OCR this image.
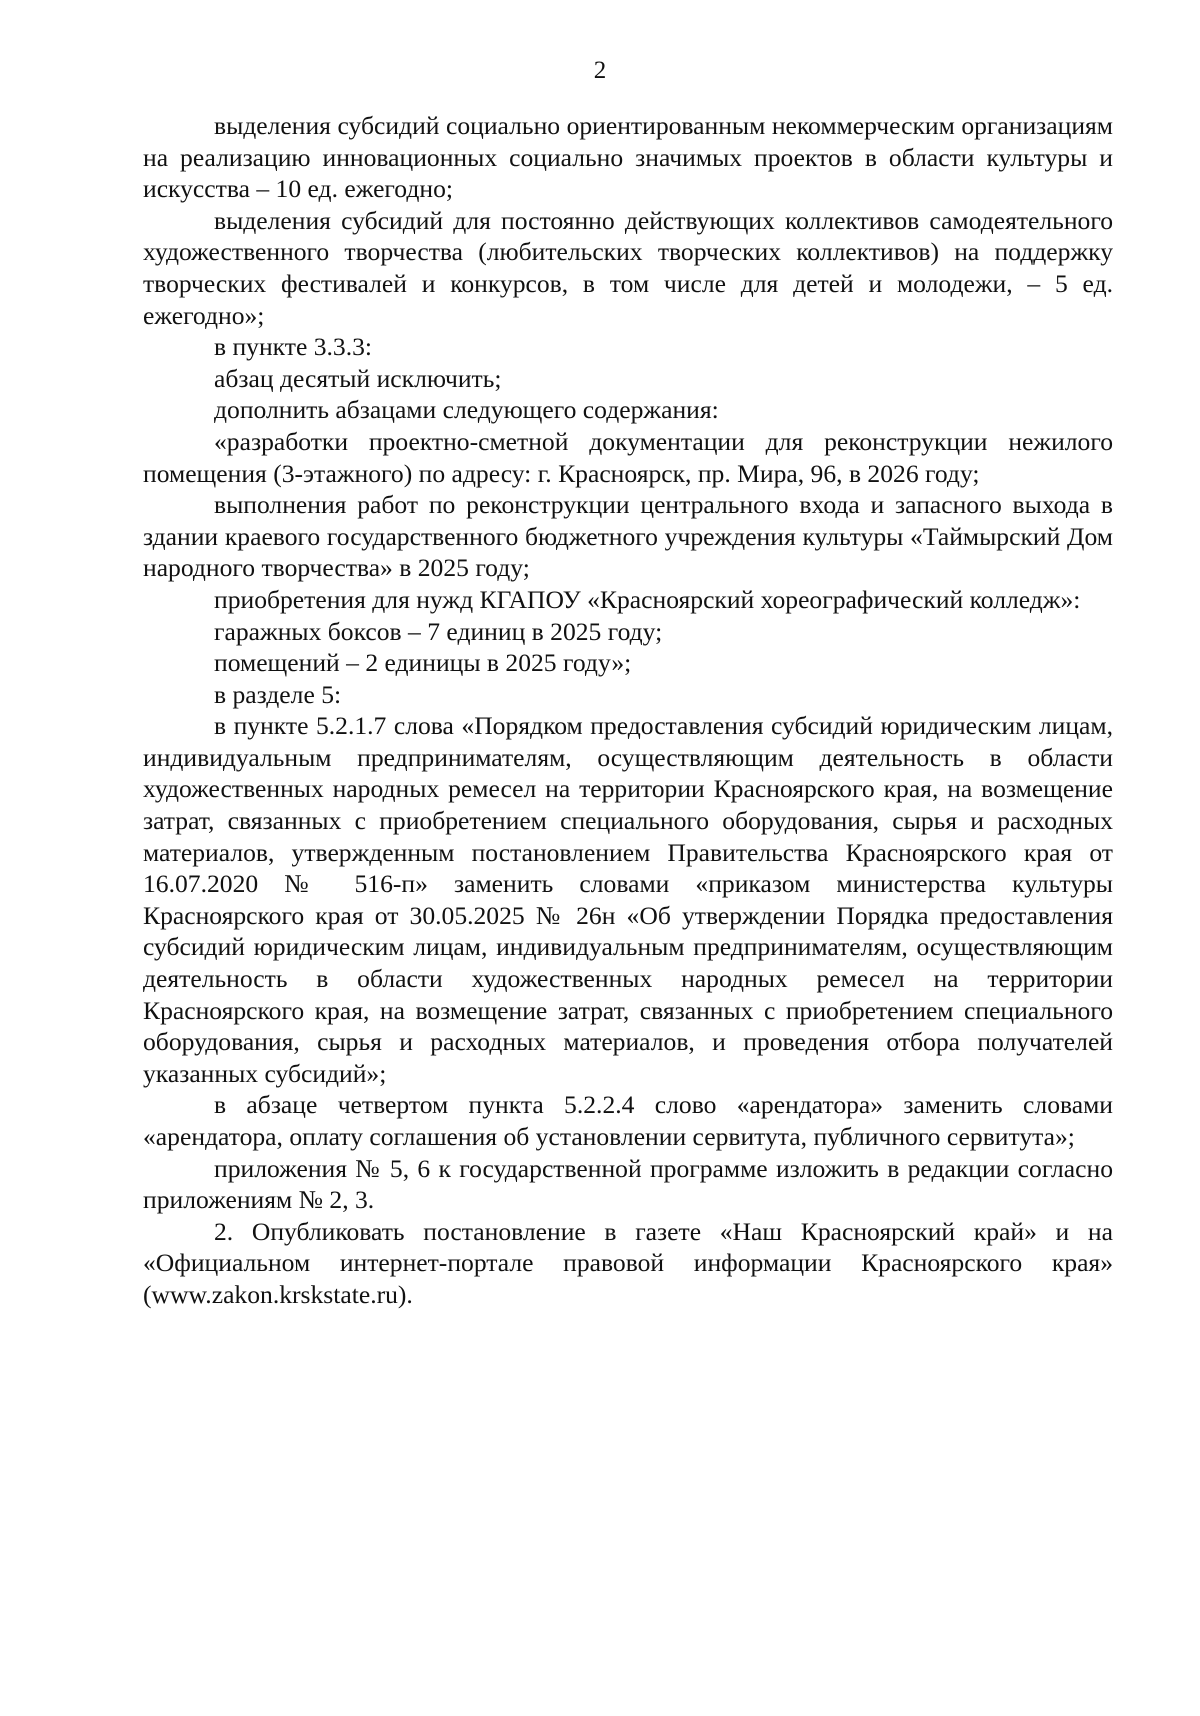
2

выделения субсидий социально ориентированным некоммерческим организациям на реализацию инновационных социально значимых проектов в области культуры и искусства – 10 ед. ежегодно;

выделения субсидий для постоянно действующих коллективов самодеятельного художественного творчества (любительских творческих коллективов) на поддержку творческих фестивалей и конкурсов, в том числе для детей и молодежи, – 5 ед. ежегодно»;

в пункте 3.3.3:

абзац десятый исключить;

дополнить абзацами следующего содержания:

«разработки проектно-сметной документации для реконструкции нежилого помещения (3-этажного) по адресу: г. Красноярск, пр. Мира, 96, в 2026 году;

выполнения работ по реконструкции центрального входа и запасного выхода в здании краевого государственного бюджетного учреждения культуры «Таймырский Дом народного творчества» в 2025 году;

приобретения для нужд КГАПОУ «Красноярский хореографический колледж»:

гаражных боксов – 7 единиц в 2025 году;

помещений – 2 единицы в 2025 году»;

в разделе 5:

в пункте 5.2.1.7 слова «Порядком предоставления субсидий юридическим лицам, индивидуальным предпринимателям, осуществляющим деятельность в области художественных народных ремесел на территории Красноярского края, на возмещение затрат, связанных с приобретением специального оборудования, сырья и расходных материалов, утвержденным постановлением Правительства Красноярского края от 16.07.2020 № 516-п» заменить словами «приказом министерства культуры Красноярского края от 30.05.2025 № 26н «Об утверждении Порядка предоставления субсидий юридическим лицам, индивидуальным предпринимателям, осуществляющим деятельность в области художественных народных ремесел на территории Красноярского края, на возмещение затрат, связанных с приобретением специального оборудования, сырья и расходных материалов, и проведения отбора получателей указанных субсидий»;

в абзаце четвертом пункта 5.2.2.4 слово «арендатора» заменить словами «арендатора, оплату соглашения об установлении сервитута, публичного сервитута»;

приложения № 5, 6 к государственной программе изложить в редакции согласно приложениям № 2, 3.

2. Опубликовать постановление в газете «Наш Красноярский край» и на «Официальном интернет-портале правовой информации Красноярского края» (www.zakon.krskstate.ru).
